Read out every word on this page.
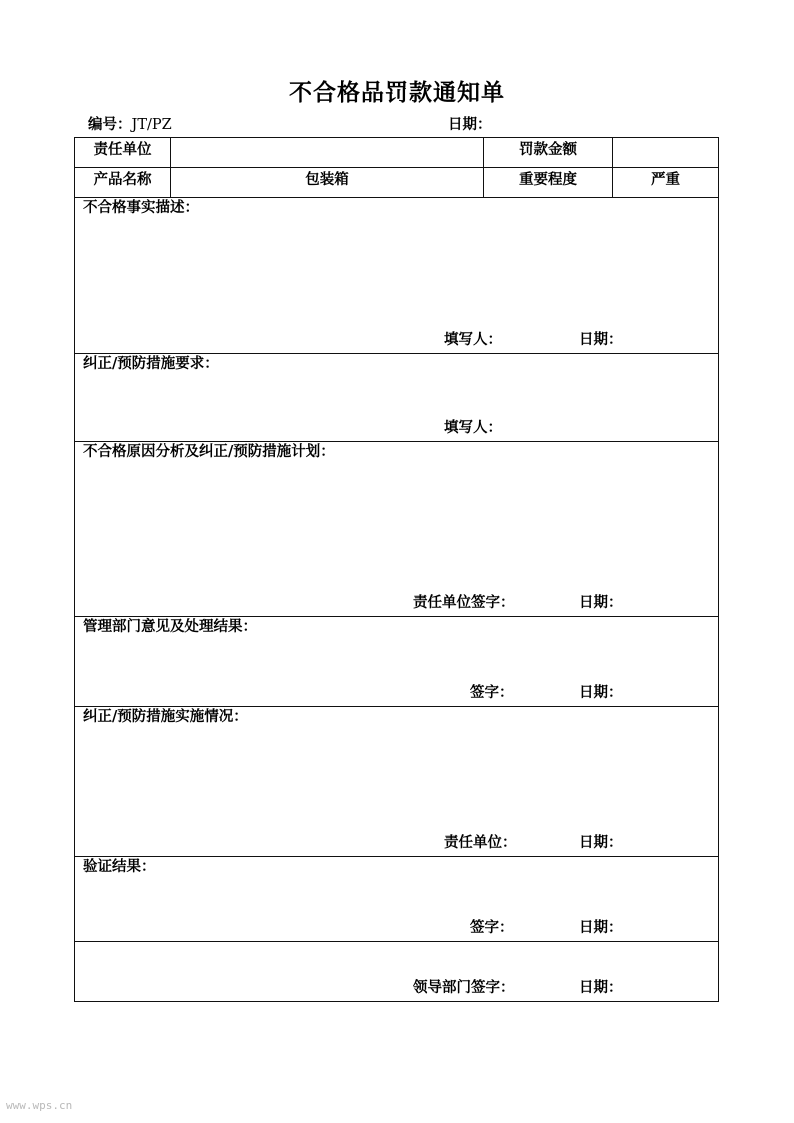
不合格品罚款通知单
编号：JT/PZ	日期：
责任单位		罚款金额	
产品名称	包装箱	重要程度	严重

不合格事实描述：
填写人： 日期：			

纠正/预防措施要求：
填写人：			

不合格原因分析及纠正/预防措施计划：
责任单位签字： 日期：			

管理部门意见及处理结果：
签字： 日期：			

纠正/预防措施实施情况：
责任单位： 日期：			

验证结果：
签字： 日期：			

领导部门签字： 日期：			
www.wps.cn
